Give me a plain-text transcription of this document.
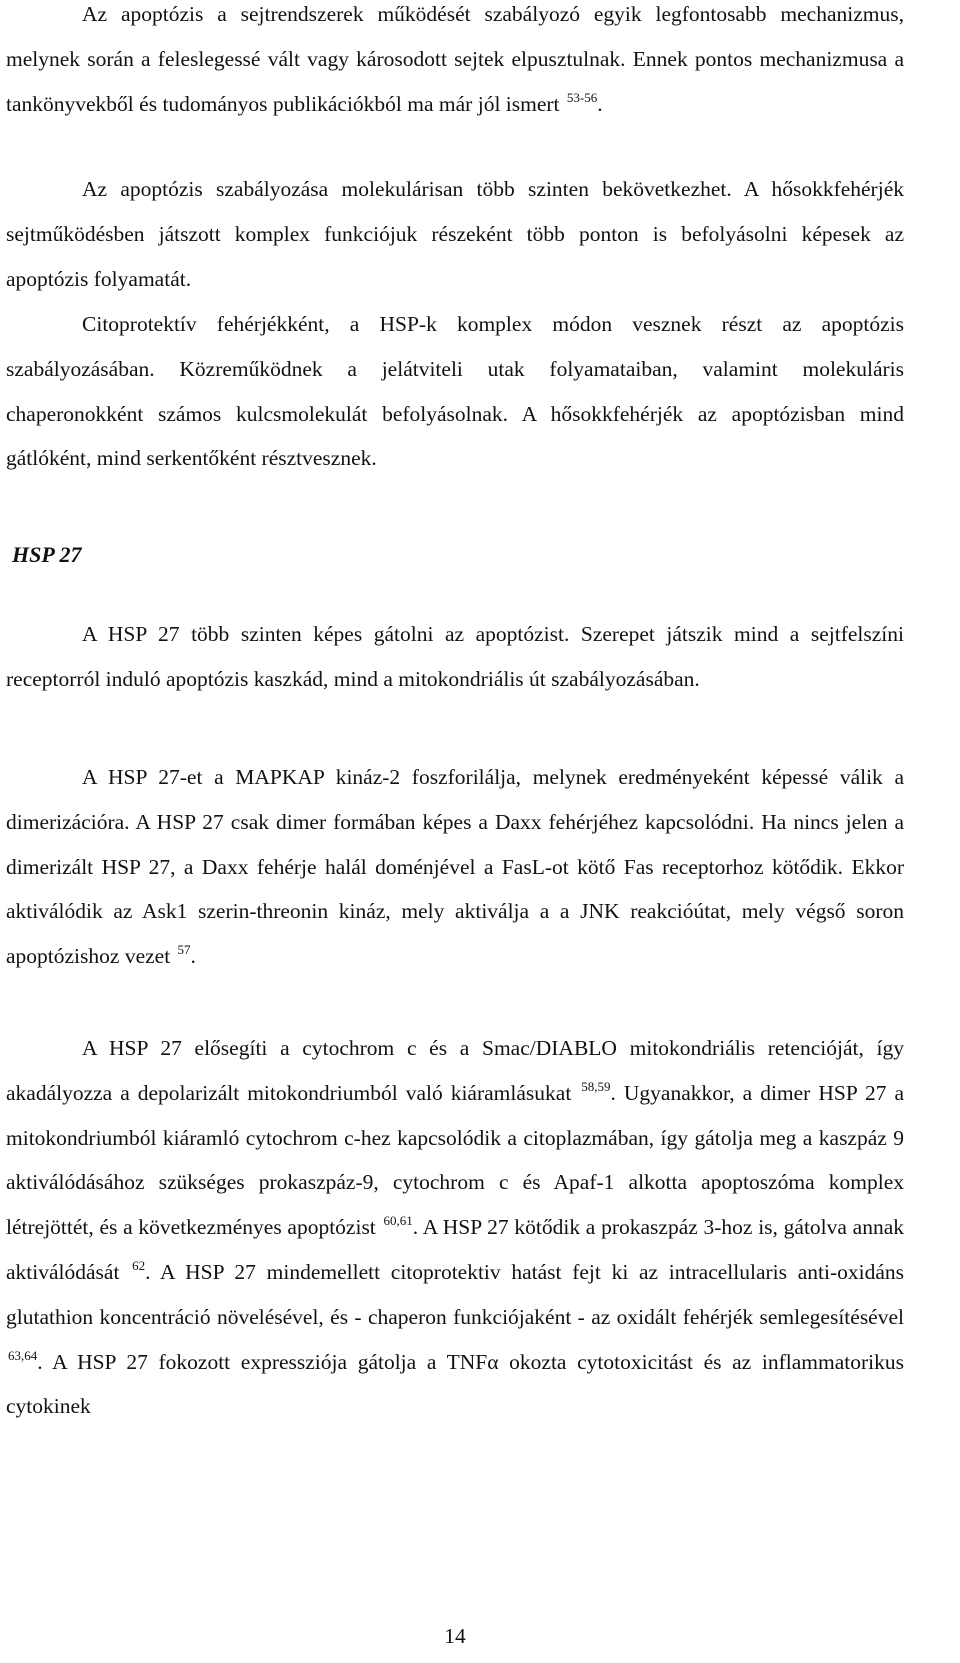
Az apoptózis a sejtrendszerek működését szabályozó egyik legfontosabb mechanizmus, melynek során a feleslegessé vált vagy károsodott sejtek elpusztulnak. Ennek pontos mechanizmusa a tankönyvekből és tudományos publikációkból ma már jól ismert $^{53-56}$.

Az apoptózis szabályozása molekulárisan több szinten bekövetkezhet. A hősokkfehérjék sejtműködésben játszott komplex funkciójuk részeként több ponton is befolyásolni képesek az apoptózis folyamatát.

Citoprotektív fehérjékként, a HSP-k komplex módon vesznek részt az apoptózis szabályozásában. Közreműködnek a jelátviteli utak folyamataiban, valamint molekuláris chaperonokként számos kulcsmolekulát befolyásolnak. A hősokkfehérjék az apoptózisban mind gátlóként, mind serkentőként résztvesznek.

HSP 27

A HSP 27 több szinten képes gátolni az apoptózist. Szerepet játszik mind a sejtfelszíni receptorról induló apoptózis kaszkád, mind a mitokondriális út szabályozásában.

A HSP 27-et a MAPKAP kináz-2 foszforilálja, melynek eredményeként képessé válik a dimerizációra. A HSP 27 csak dimer formában képes a Daxx fehérjéhez kapcsolódni. Ha nincs jelen a dimerizált HSP 27, a Daxx fehérje halál doménjével a FasL-ot kötő Fas receptorhoz kötődik. Ekkor aktiválódik az Ask1 szerin-threonin kináz, mely aktiválja a a JNK reakcióútat, mely végső soron apoptózishoz vezet $^{57}$.

A HSP 27 elősegíti a cytochrom c és a Smac/DIABLO mitokondriális retencióját, így akadályozza a depolarizált mitokondriumból való kiáramlásukat $^{58,59}$. Ugyanakkor, a dimer HSP 27 a mitokondriumból kiáramló cytochrom c-hez kapcsolódik a citoplazmában, így gátolja meg a kaszpáz 9 aktiválódásához szükséges prokaszpáz-9, cytochrom c és Apaf-1 alkotta apoptoszóma komplex létrejöttét, és a következményes apoptózist $^{60,61}$. A HSP 27 kötődik a prokaszpáz 3-hoz is, gátolva annak aktiválódását $^{62}$. A HSP 27 mindemellett citoprotektiv hatást fejt ki az intracellularis anti-oxidáns glutathion koncentráció növelésével, és - chaperon funkciójaként - az oxidált fehérjék semlegesítésével $^{63,64}$. A HSP 27 fokozott expressziója gátolja a TNFα okozta cytotoxicitást és az inflammatorikus cytokinek

14
